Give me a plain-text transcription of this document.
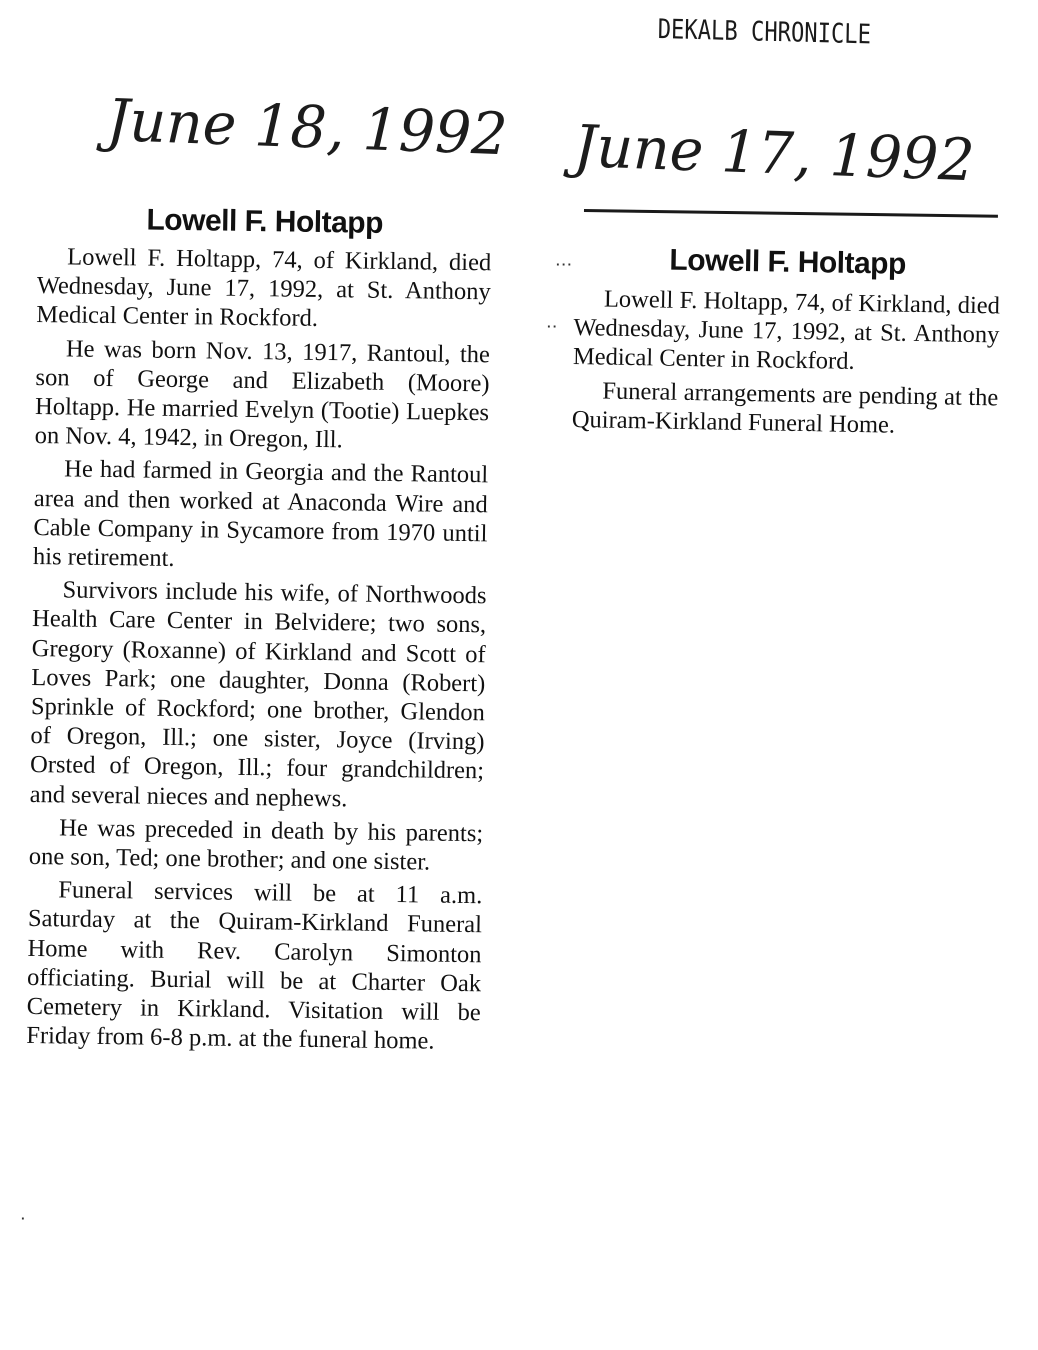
DEKALB CHRONICLE
June 18, 1992 June 17, 1992
Lowell F. Holtapp

Lowell F. Holtapp, 74, of Kirkland, died Wednesday, June 17, 1992, at St. Anthony Medical Center in Rockford.

He was born Nov. 13, 1917, Rantoul, the son of George and Elizabeth (Moore) Holtapp. He married Evelyn (Tootie) Luepkes on Nov. 4, 1942, in Oregon, Ill.

He had farmed in Georgia and the Rantoul area and then worked at Anaconda Wire and Cable Company in Sycamore from 1970 until his retirement.

Survivors include his wife, of Northwoods Health Care Center in Belvidere; two sons, Gregory (Roxanne) of Kirkland and Scott of Loves Park; one daughter, Donna (Robert) Sprinkle of Rockford; one brother, Glendon of Oregon, Ill.; one sister, Joyce (Irving) Orsted of Oregon, Ill.; four grandchildren; and several nieces and nephews.

He was preceded in death by his parents; one son, Ted; one brother; and one sister.

Funeral services will be at 11 a.m. Saturday at the Quiram-Kirkland Funeral Home with Rev. Carolyn Simonton officiating. Burial will be at Charter Oak Cemetery in Kirkland. Visitation will be Friday from 6-8 p.m. at the funeral home.

Lowell F. Holtapp

Lowell F. Holtapp, 74, of Kirkland, died Wednesday, June 17, 1992, at St. Anthony Medical Center in Rockford.

Funeral arrangements are pending at the Quiram-Kirkland Funeral Home.

⋅⋅⋅
⋅⋅
⋅
